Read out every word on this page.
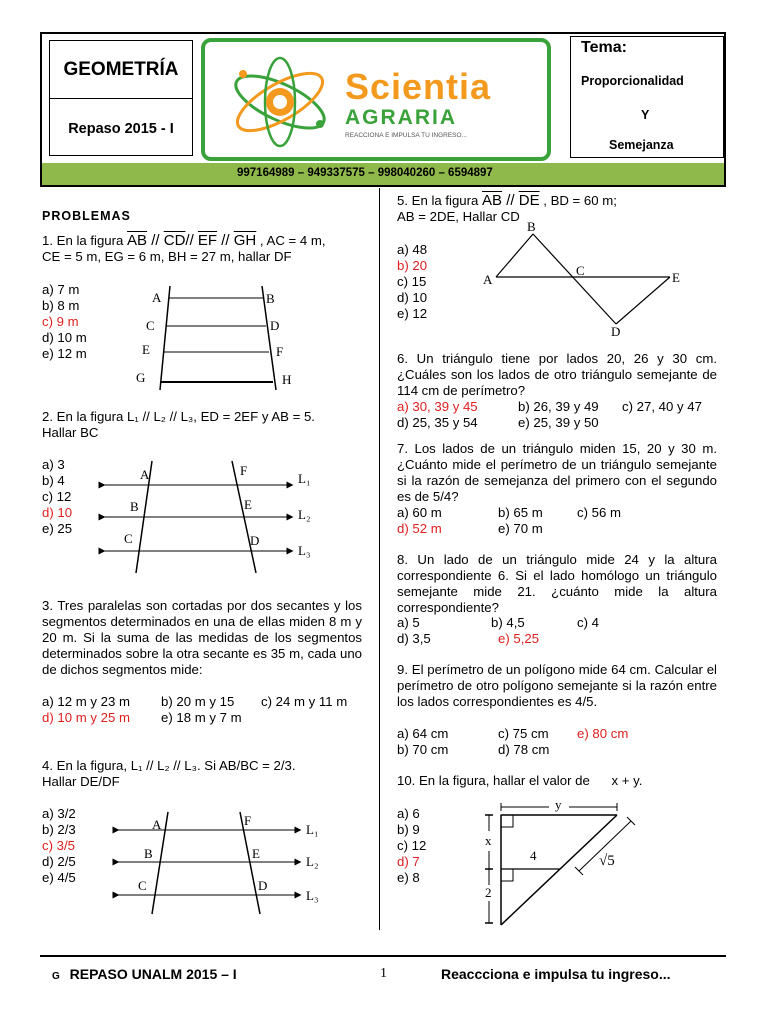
GEOMETRÍA
Repaso 2015 - I
Scientia
AGRARIA
REACCIONA E IMPULSA TU INGRESO...
Tema:
Proporcionalidad
Y
Semejanza
997164989 – 949337575 – 998040260 – 6594897
PROBLEMAS
1. En la figura $\overline{AB} // \overline{CD}//$ $\overline{EF} // \overline{GH}$ , AC = 4 m,
CE = 5 m, EG = 6 m, BH = 27 m, hallar DF
a) 7 m
b) 8 m
c) 9 m
d) 10 m
e) 12 m
A	B
C	D
E	F
G	H
2. En la figura L₁ // L₂ // L₃, ED = 2EF y AB = 5.
Hallar BC
a) 3
b) 4
c) 12
d) 10
e) 25
A	F
L₁
B	E
L₂
C	D
L₃
3. Tres paralelas son cortadas por dos secantes y los segmentos determinados en una de ellas miden 8 m y 20 m. Si la suma de las medidas de los segmentos determinados sobre la otra secante es 35 m, cada uno de dichos segmentos mide:
a) 12 m y 23 m b) 20 m y 15 c) 24 m y 11 m
d) 10 m y 25 m e) 18 m y 7 m
4. En la figura, L₁ // L₂ // L₃. Si AB/BC = 2/3.
Hallar DE/DF
a) 3/2
b) 2/3
c) 3/5
d) 2/5
e) 4/5
A	F
L₁
B	E
L₂
C	D
L₃
5. En la figura $\overline{AB} // \overline{DE}$ , BD = 60 m;
AB = 2DE, Hallar CD
a) 48
b) 20
c) 15
d) 10
e) 12
B
A
C	E
D
6. Un triángulo tiene por lados 20, 26 y 30 cm. ¿Cuáles son los lados de otro triángulo semejante de 114 cm de perímetro?
a) 30, 39 y 45	b) 26, 39 y 49 c) 27, 40 y 47
d) 25, 35 y 54	e) 25, 39 y 50
7. Los lados de un triángulo miden 15, 20 y 30 m. ¿Cuánto mide el perímetro de un triángulo semejante si la razón de semejanza del primero con el segundo es de 5/4?
a) 60 m	b) 65 m	c) 56 m
d) 52 m	e) 70 m
8. Un lado de un triángulo mide 24 y la altura correspondiente 6. Si el lado homólogo un triángulo semejante mide 21. ¿cuánto mide la altura correspondiente?
a) 5	b) 4,5	c) 4
d) 3,5	e) 5,25
9. El perímetro de un polígono mide 64 cm. Calcular el perímetro de otro polígono semejante si la razón entre los lados correspondientes es 4/5.
a) 64 cm	c) 75 cm e) 80 cm
b) 70 cm	d) 78 cm
10. En la figura, hallar el valor de x + y.
a) 6
b) 9
c) 12
d) 7
e) 8
y
4
x
2
√5
G REPASO UNALM 2015 – I	1	Reaccciona e impulsa tu ingreso...
